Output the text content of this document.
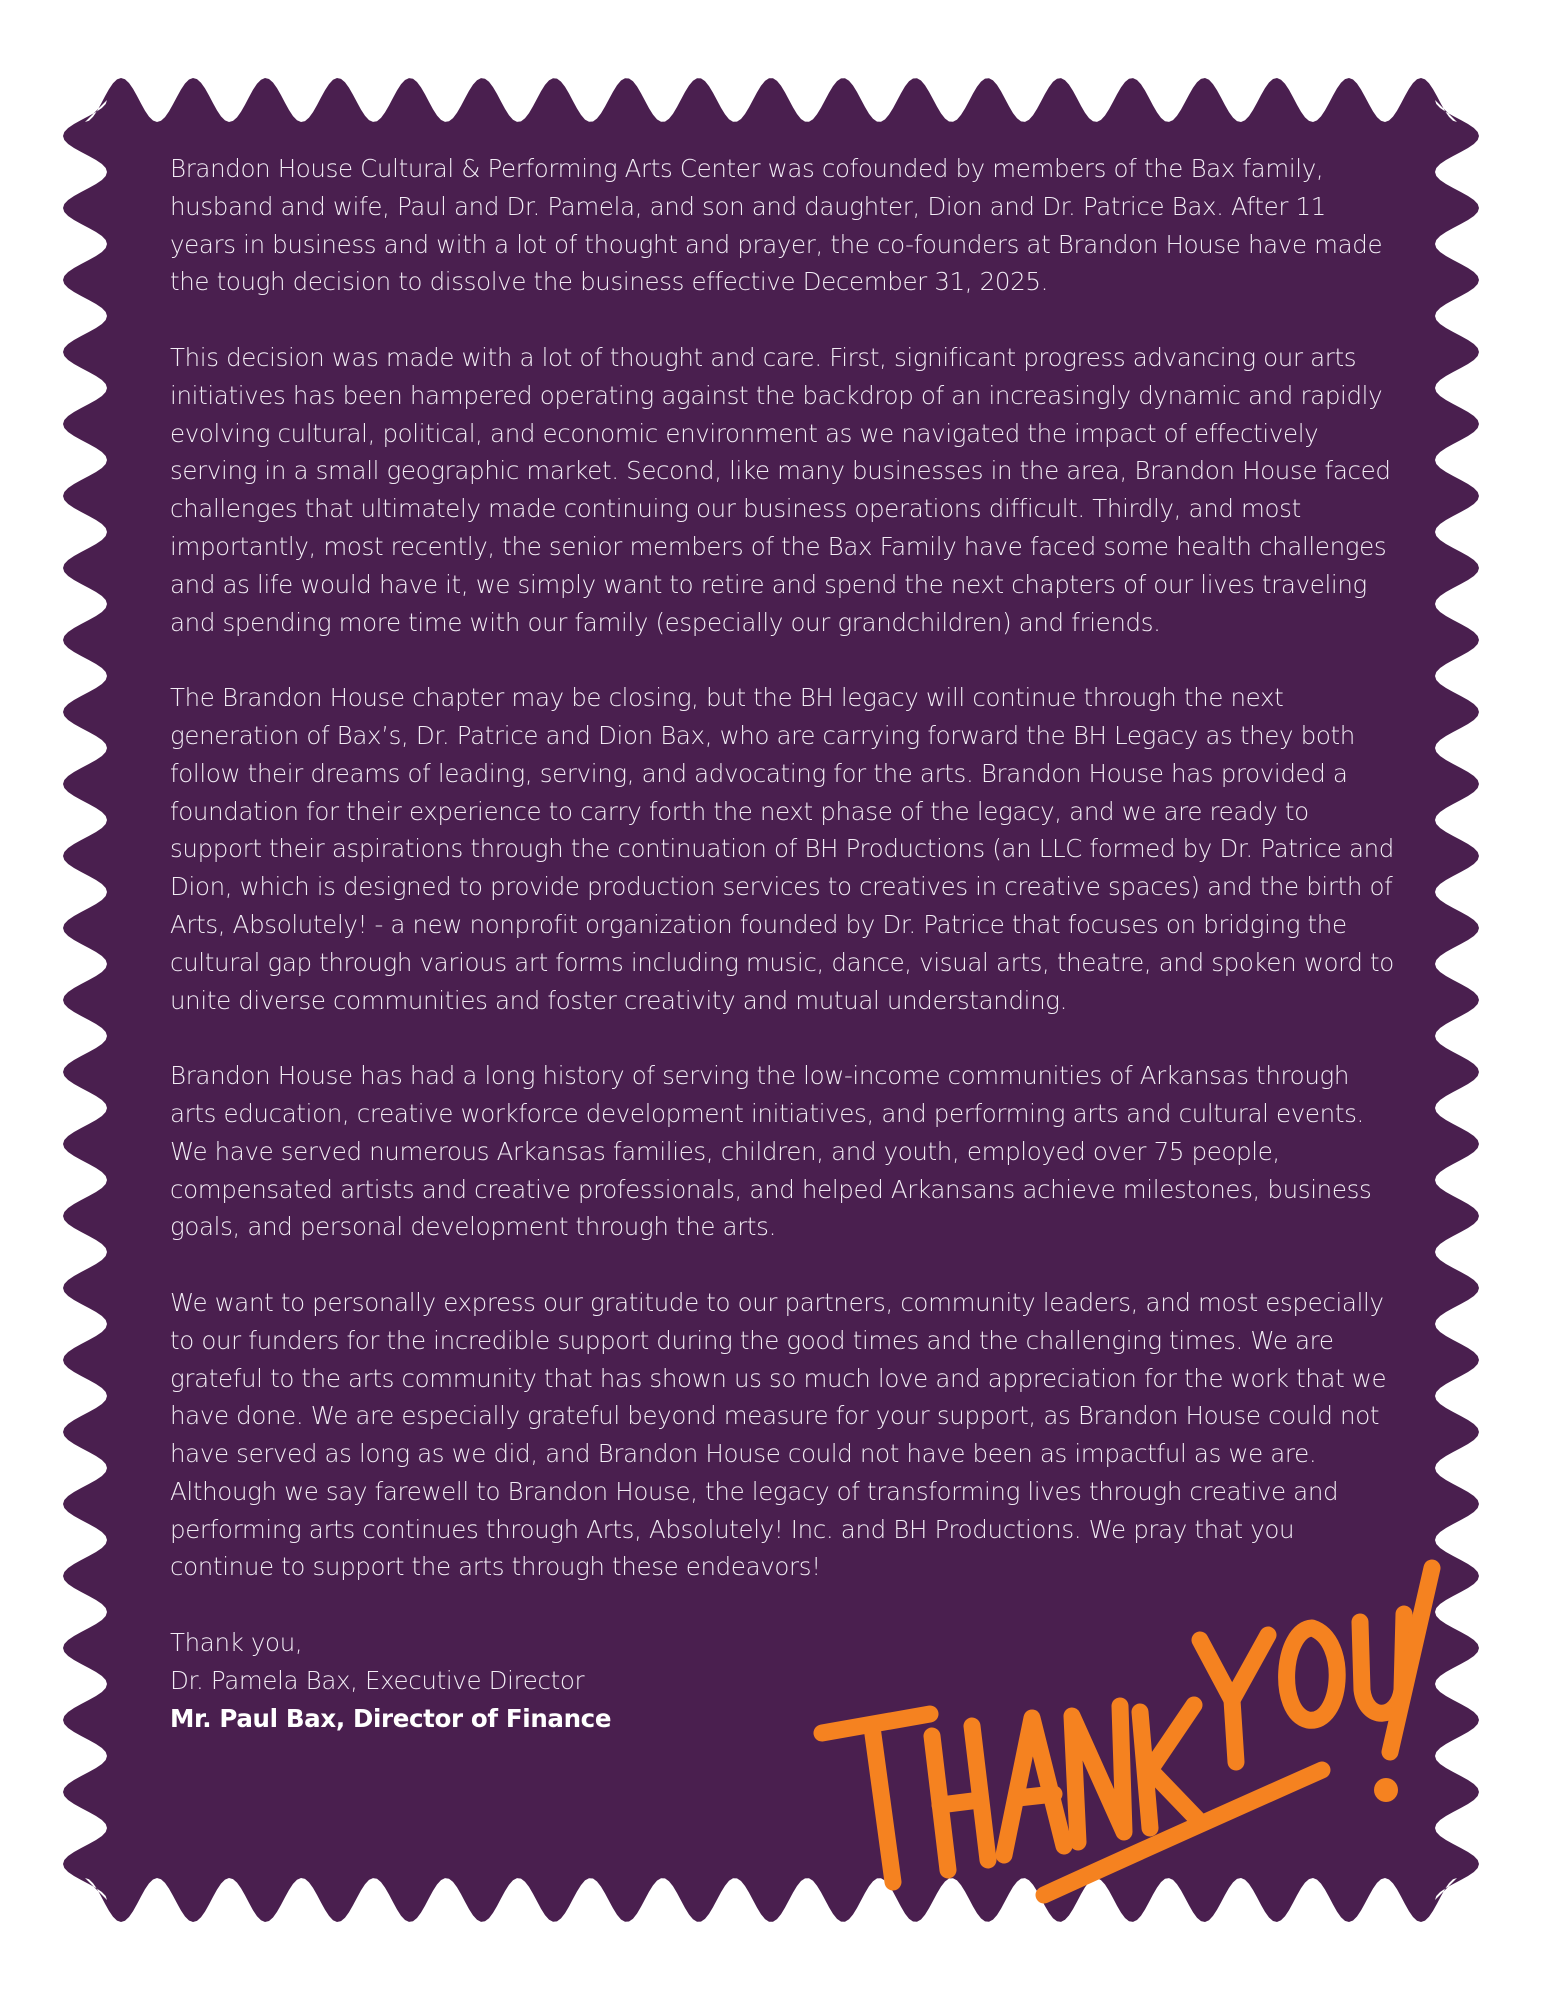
Brandon House Cultural & Performing Arts Center was cofounded by members of the Bax family, husband and wife, Paul and Dr. Pamela, and son and daughter, Dion and Dr. Patrice Bax. After 11 years in business and with a lot of thought and prayer, the co-founders at Brandon House have made the tough decision to dissolve the business effective December 31, 2025.

This decision was made with a lot of thought and care. First, significant progress advancing our arts initiatives has been hampered operating against the backdrop of an increasingly dynamic and rapidly evolving cultural, political, and economic environment as we navigated the impact of effectively serving in a small geographic market. Second, like many businesses in the area, Brandon House faced challenges that ultimately made continuing our business operations difficult. Thirdly, and most importantly, most recently, the senior members of the Bax Family have faced some health challenges and as life would have it, we simply want to retire and spend the next chapters of our lives traveling and spending more time with our family (especially our grandchildren) and friends.

The Brandon House chapter may be closing, but the BH legacy will continue through the next generation of Bax’s, Dr. Patrice and Dion Bax, who are carrying forward the BH Legacy as they both follow their dreams of leading, serving, and advocating for the arts. Brandon House has provided a foundation for their experience to carry forth the next phase of the legacy, and we are ready to support their aspirations through the continuation of BH Productions (an LLC formed by Dr. Patrice and Dion, which is designed to provide production services to creatives in creative spaces) and the birth of Arts, Absolutely! - a new nonprofit organization founded by Dr. Patrice that focuses on bridging the cultural gap through various art forms including music, dance, visual arts, theatre, and spoken word to unite diverse communities and foster creativity and mutual understanding.

Brandon House has had a long history of serving the low-income communities of Arkansas through arts education, creative workforce development initiatives, and performing arts and cultural events. We have served numerous Arkansas families, children, and youth, employed over 75 people, compensated artists and creative professionals, and helped Arkansans achieve milestones, business goals, and personal development through the arts.

We want to personally express our gratitude to our partners, community leaders, and most especially to our funders for the incredible support during the good times and the challenging times. We are grateful to the arts community that has shown us so much love and appreciation for the work that we have done. We are especially grateful beyond measure for your support, as Brandon House could not have served as long as we did, and Brandon House could not have been as impactful as we are. Although we say farewell to Brandon House, the legacy of transforming lives through creative and performing arts continues through Arts, Absolutely! Inc. and BH Productions. We pray that you continue to support the arts through these endeavors!

Thank you,

Dr. Pamela Bax, Executive Director

Mr. Paul Bax, Director of Finance
